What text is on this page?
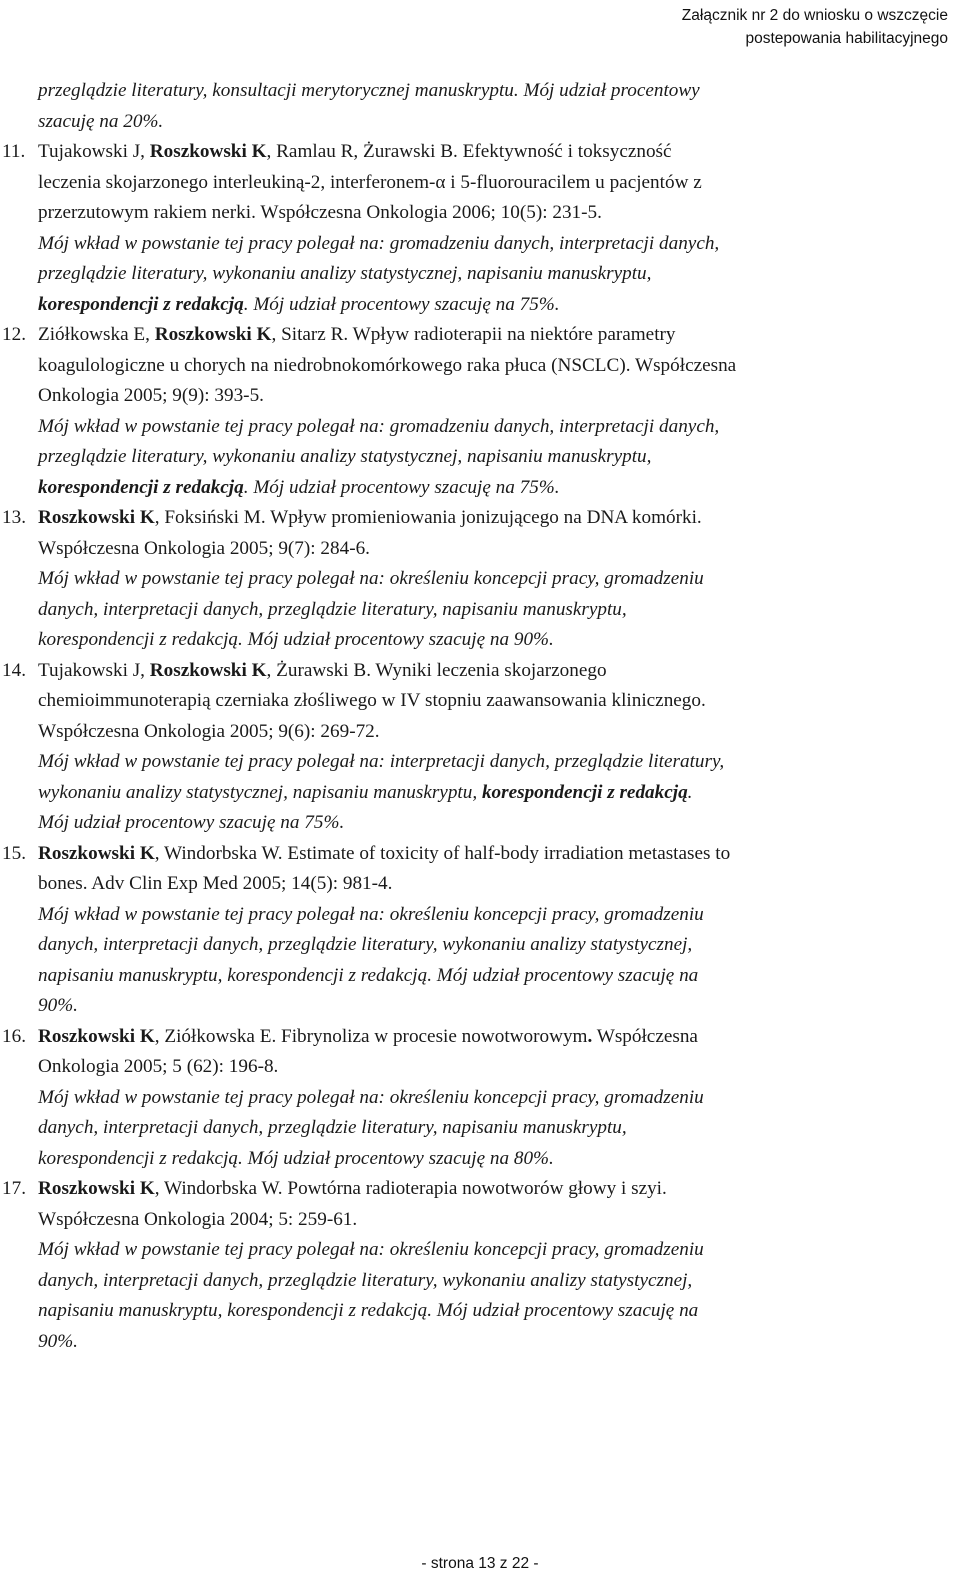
Załącznik nr 2 do wniosku o wszczęcie
postepowania habilitacyjnego
przeglądzie literatury, konsultacji merytorycznej manuskryptu. Mój udział procentowy
szacuję na 20%.
11. Tujakowski J, Roszkowski K, Ramlau R, Żurawski B. Efektywność i toksyczność
leczenia skojarzonego interleukiną-2, interferonem-α i 5-fluorouracilem u pacjentów z
przerzutowym rakiem nerki. Współczesna Onkologia 2006; 10(5): 231-5.
Mój wkład w powstanie tej pracy polegał na: gromadzeniu danych, interpretacji danych,
przeglądzie literatury, wykonaniu analizy statystycznej, napisaniu manuskryptu,
korespondencji z redakcją. Mój udział procentowy szacuję na 75%.
12. Ziółkowska E, Roszkowski K, Sitarz R. Wpływ radioterapii na niektóre parametry
koagulologiczne u chorych na niedrobnokomórkowego raka płuca (NSCLC). Współczesna
Onkologia 2005; 9(9): 393-5.
Mój wkład w powstanie tej pracy polegał na: gromadzeniu danych, interpretacji danych,
przeglądzie literatury, wykonaniu analizy statystycznej, napisaniu manuskryptu,
korespondencji z redakcją. Mój udział procentowy szacuję na 75%.
13. Roszkowski K, Foksiński M. Wpływ promieniowania jonizującego na DNA komórki.
Współczesna Onkologia 2005; 9(7): 284-6.
Mój wkład w powstanie tej pracy polegał na: określeniu koncepcji pracy, gromadzeniu
danych, interpretacji danych, przeglądzie literatury, napisaniu manuskryptu,
korespondencji z redakcją. Mój udział procentowy szacuję na 90%.
14. Tujakowski J, Roszkowski K, Żurawski B. Wyniki leczenia skojarzonego
chemioimmunoterapią czerniaka złośliwego w IV stopniu zaawansowania klinicznego.
Współczesna Onkologia 2005; 9(6): 269-72.
Mój wkład w powstanie tej pracy polegał na: interpretacji danych, przeglądzie literatury,
wykonaniu analizy statystycznej, napisaniu manuskryptu, korespondencji z redakcją.
Mój udział procentowy szacuję na 75%.
15. Roszkowski K, Windorbska W. Estimate of toxicity of half-body irradiation metastases to
bones. Adv Clin Exp Med 2005; 14(5): 981-4.
Mój wkład w powstanie tej pracy polegał na: określeniu koncepcji pracy, gromadzeniu
danych, interpretacji danych, przeglądzie literatury, wykonaniu analizy statystycznej,
napisaniu manuskryptu, korespondencji z redakcją. Mój udział procentowy szacuję na
90%.
16. Roszkowski K, Ziółkowska E. Fibrynoliza w procesie nowotworowym. Współczesna
Onkologia 2005; 5 (62): 196-8.
Mój wkład w powstanie tej pracy polegał na: określeniu koncepcji pracy, gromadzeniu
danych, interpretacji danych, przeglądzie literatury, napisaniu manuskryptu,
korespondencji z redakcją. Mój udział procentowy szacuję na 80%.
17. Roszkowski K, Windorbska W. Powtórna radioterapia nowotworów głowy i szyi.
Współczesna Onkologia 2004; 5: 259-61.
Mój wkład w powstanie tej pracy polegał na: określeniu koncepcji pracy, gromadzeniu
danych, interpretacji danych, przeglądzie literatury, wykonaniu analizy statystycznej,
napisaniu manuskryptu, korespondencji z redakcją. Mój udział procentowy szacuję na
90%.
- strona 13 z 22 -
